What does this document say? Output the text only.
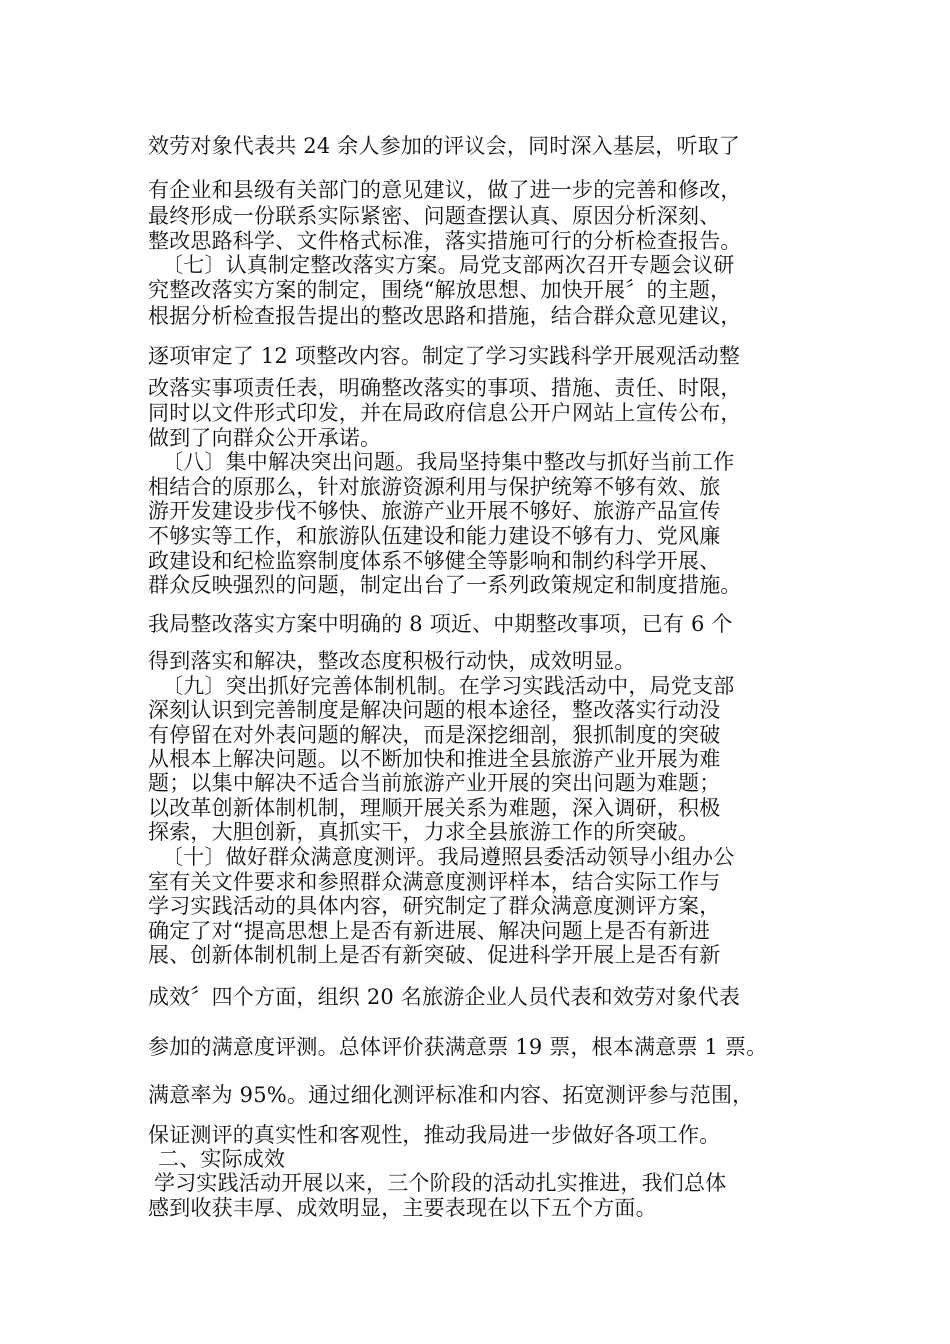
效劳对象代表共 24 余人参加的评议会，同时深入基层，听取了
有企业和县级有关部门的意见建议，做了进一步的完善和修改，
最终形成一份联系实际紧密、问题查摆认真、原因分析深刻、
整改思路科学、文件格式标准，落实措施可行的分析检查报告。
〔七〕认真制定整改落实方案。局党支部两次召开专题会议研
究整改落实方案的制定，围绕“解放思想、加快开展〞的主题，
根据分析检查报告提出的整改思路和措施，结合群众意见建议，
逐项审定了 12 项整改内容。制定了学习实践科学开展观活动整
改落实事项责任表，明确整改落实的事项、措施、责任、时限，
同时以文件形式印发，并在局政府信息公开户网站上宣传公布，
做到了向群众公开承诺。
〔八〕集中解决突出问题。我局坚持集中整改与抓好当前工作
相结合的原那么，针对旅游资源利用与保护统筹不够有效、旅
游开发建设步伐不够快、旅游产业开展不够好、旅游产品宣传
不够实等工作，和旅游队伍建设和能力建设不够有力、党风廉
政建设和纪检监察制度体系不够健全等影响和制约科学开展、
群众反映强烈的问题，制定出台了一系列政策规定和制度措施。
我局整改落实方案中明确的 8 项近、中期整改事项，已有 6 个
得到落实和解决，整改态度积极行动快，成效明显。
〔九〕突出抓好完善体制机制。在学习实践活动中，局党支部
深刻认识到完善制度是解决问题的根本途径，整改落实行动没
有停留在对外表问题的解决，而是深挖细剖，狠抓制度的突破
从根本上解决问题。以不断加快和推进全县旅游产业开展为难
题；以集中解决不适合当前旅游产业开展的突出问题为难题；
以改革创新体制机制，理顺开展关系为难题，深入调研，积极
探索，大胆创新，真抓实干，力求全县旅游工作的所突破。
〔十〕做好群众满意度测评。我局遵照县委活动领导小组办公
室有关文件要求和参照群众满意度测评样本，结合实际工作与
学习实践活动的具体内容，研究制定了群众满意度测评方案，
确定了对“提高思想上是否有新进展、解决问题上是否有新进
展、创新体制机制上是否有新突破、促进科学开展上是否有新
成效〞四个方面，组织 20 名旅游企业人员代表和效劳对象代表
参加的满意度评测。总体评价获满意票 19 票，根本满意票 1 票。
满意率为 95%。通过细化测评标准和内容、拓宽测评参与范围，
保证测评的真实性和客观性，推动我局进一步做好各项工作。
二、实际成效
学习实践活动开展以来，三个阶段的活动扎实推进，我们总体
感到收获丰厚、成效明显，主要表现在以下五个方面。
